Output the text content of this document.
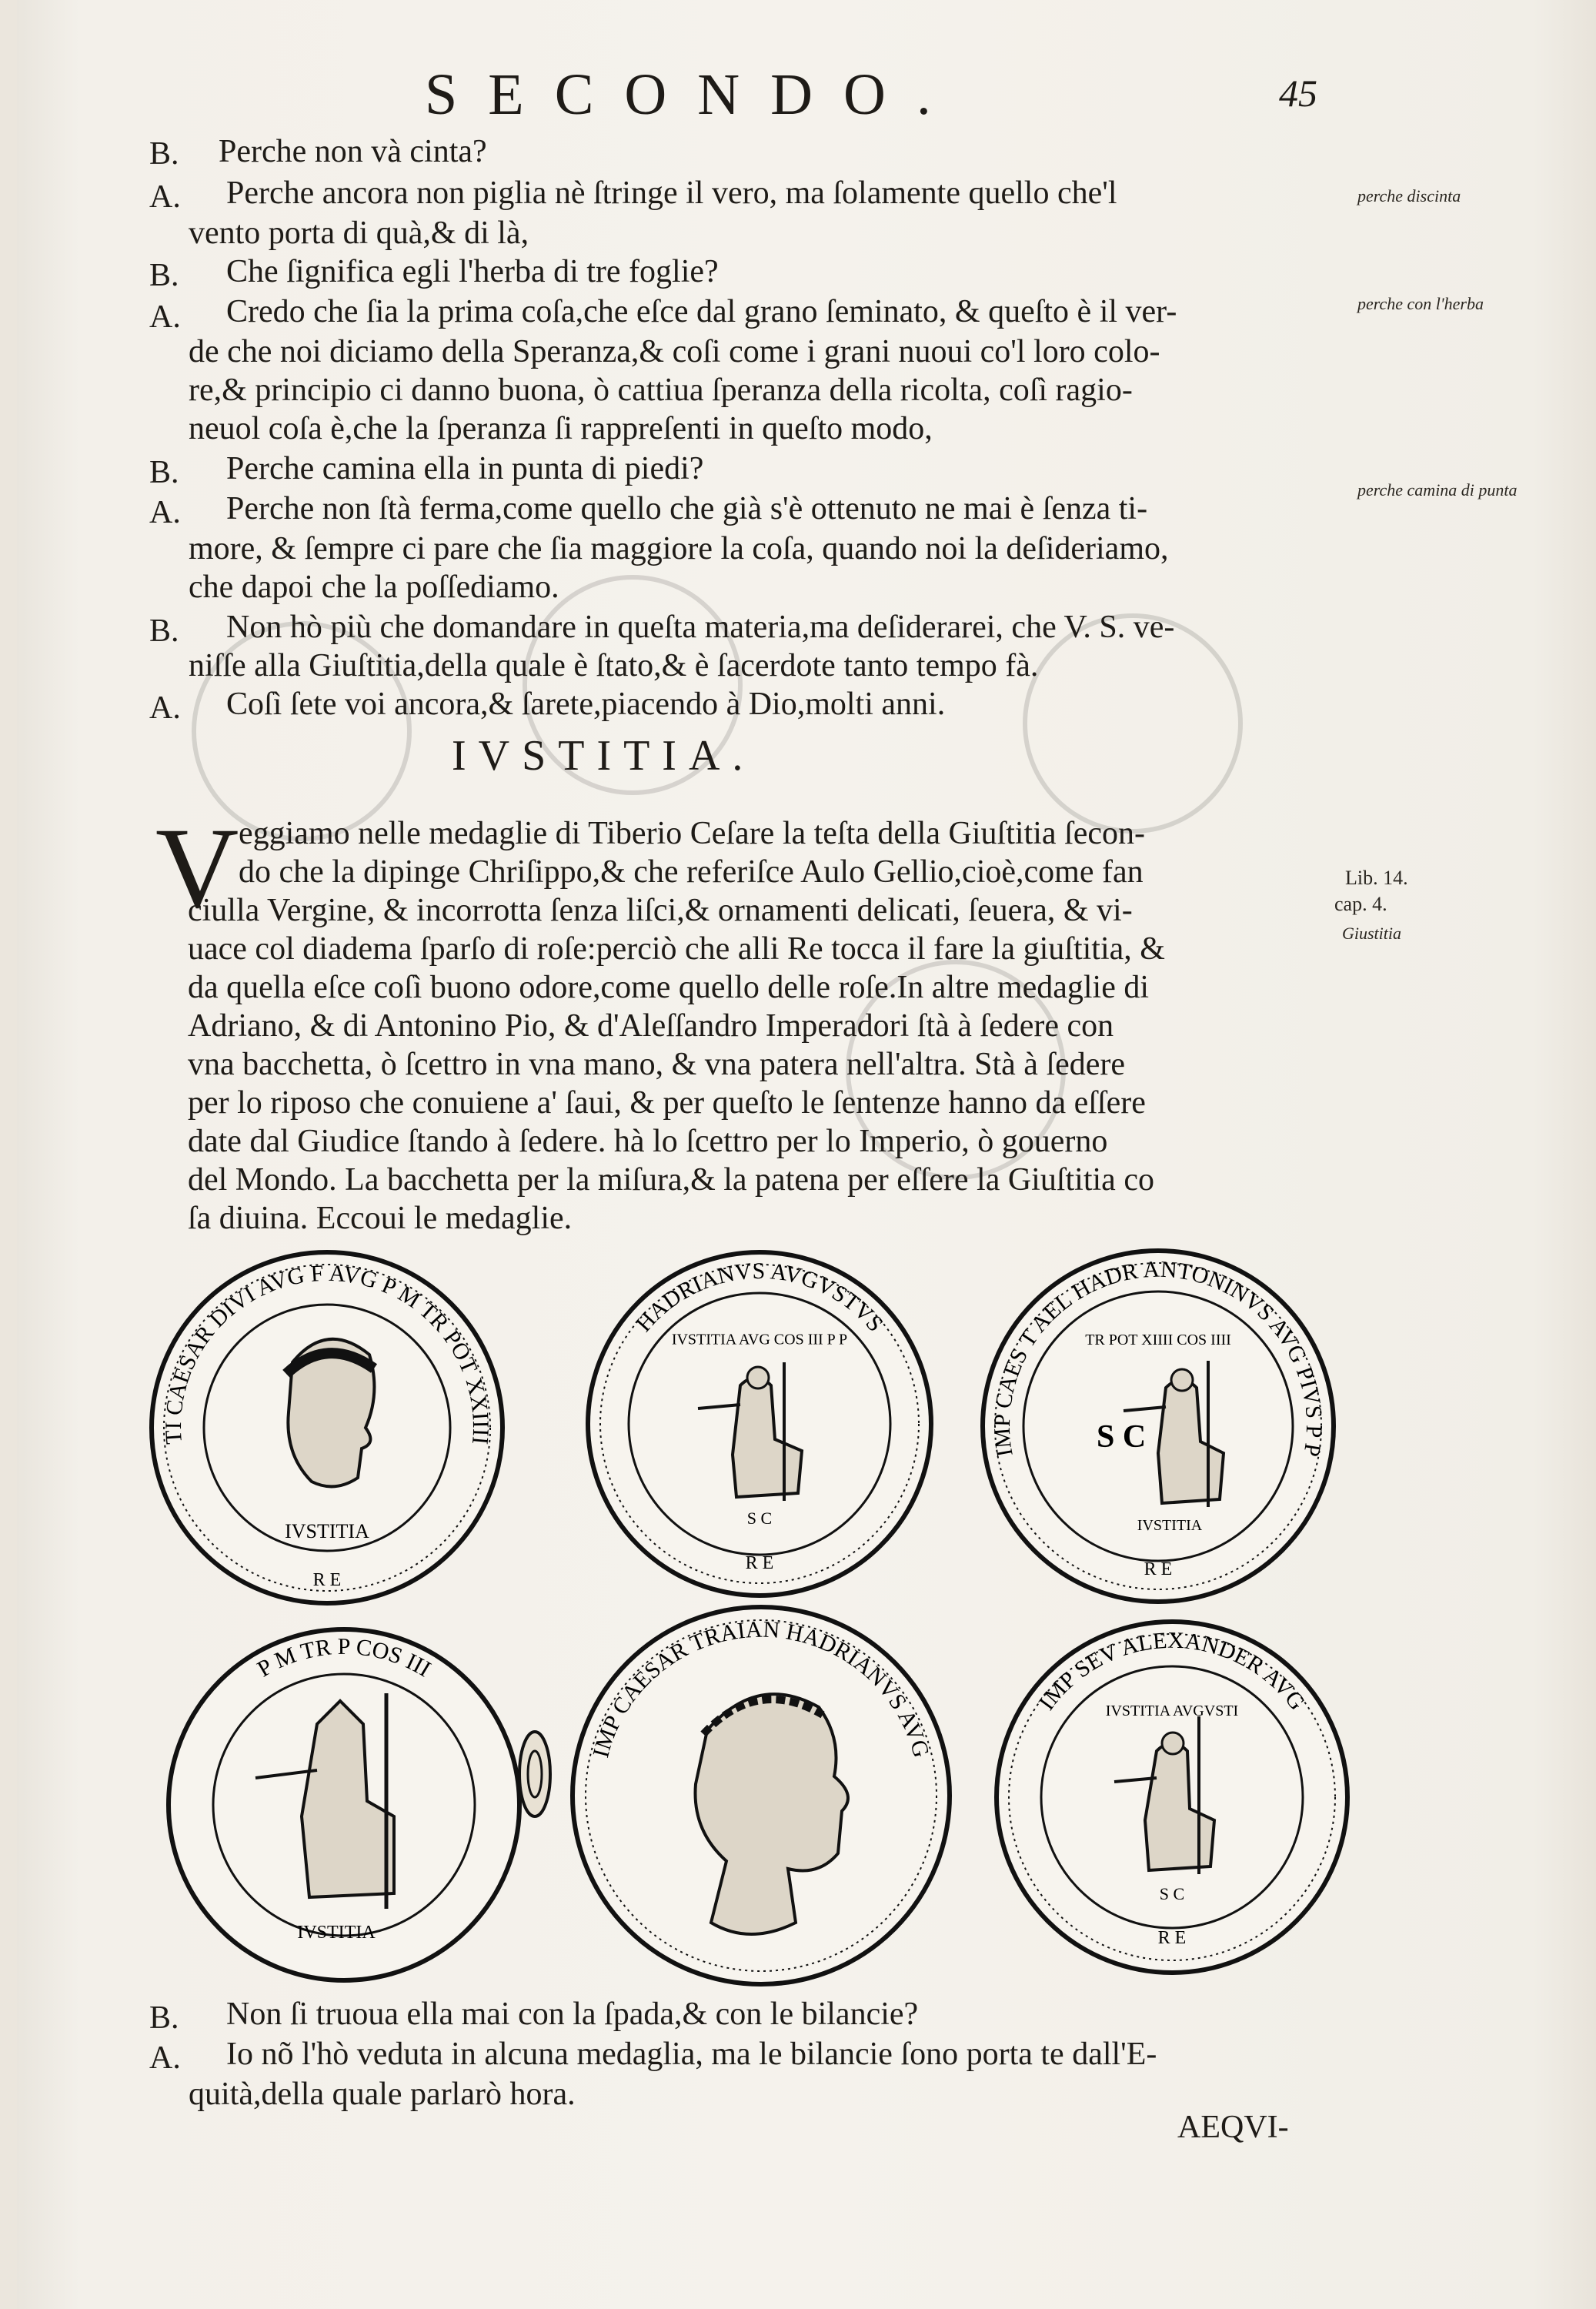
SECONDO.	45
B. Perche non và cinta?
A. Perche ancora non piglia nè ſtringe il vero, ma ſolamente quello che'l
vento porta di quà,& di là,
B. Che ſignifica egli l'herba di tre foglie?
A. Credo che ſia la prima coſa,che eſce dal grano ſeminato, & queſto è il ver-
de che noi diciamo della Speranza,& coſi come i grani nuoui co'l loro colo-
re,& principio ci danno buona, ò cattiua ſperanza della ricolta, coſì ragio-
neuol coſa è,che la ſperanza ſi rappreſenti in queſto modo,
B. Perche camina ella in punta di piedi?
A. Perche non ſtà ferma,come quello che già s'è ottenuto ne mai è ſenza ti-
more, & ſempre ci pare che ſia maggiore la coſa, quando noi la deſideriamo,
che dapoi che la poſſediamo.
B. Non hò più che domandare in queſta materia,ma deſiderarei, che V. S. ve-
niſſe alla Giuſtitia,della quale è ſtato,& è ſacerdote tanto tempo fà.
A. Coſì ſete voi ancora,& ſarete,piacendo à Dio,molti anni.
perche discinta
perche con l'herba
perche camina di punta
Lib. 14.
cap. 4.
Giustitia
IVSTITIA.
V eggiamo nelle medaglie di Tiberio Ceſare la teſta della Giuſtitia ſecon-
do che la dipinge Chriſippo,& che referiſce Aulo Gellio,cioè,come fan
ciulla Vergine, & incorrotta ſenza liſci,& ornamenti delicati, ſeuera, & vi-
uace col diadema ſparſo di roſe:perciò che alli Re tocca il fare la giuſtitia, &
da quella eſce coſì buono odore,come quello delle roſe.In altre medaglie di
Adriano, & di Antonino Pio, & d'Aleſſandro Imperadori ſtà à ſedere con
vna bacchetta, ò ſcettro in vna mano, & vna patera nell'altra. Stà à ſedere
per lo riposo che conuiene a' ſaui, & per queſto le ſentenze hanno da eſſere
date dal Giudice ſtando à ſedere. hà lo ſcettro per lo Imperio, ò gouerno
del Mondo. La bacchetta per la miſura,& la patena per eſſere la Giuſtitia co
ſa diuina. Eccoui le medaglie.
IVSTITIA
R E
TI CAESAR DIVI AVG F AVG P M TR POT XXIIII
S C
R E
HADRIANVS AVGVSTVS
IVSTITIA AVG COS III P P
S C
IVSTITIA
R E
IMP CAES T AEL HADR ANTONINVS AVG PIVS P P
TR POT XIIII COS IIII
IVSTITIA
P M TR P COS III
IMP CAESAR TRAIAN HADRIANVS AVG
S C
R E
IMP SEV ALEXANDER AVG
IVSTITIA AVGVSTI
B. Non ſi truoua ella mai con la ſpada,& con le bilancie?
A. Io nõ l'hò veduta in alcuna medaglia, ma le bilancie ſono porta te dall'E-
quità,della quale parlarò hora.
AEQVI-
